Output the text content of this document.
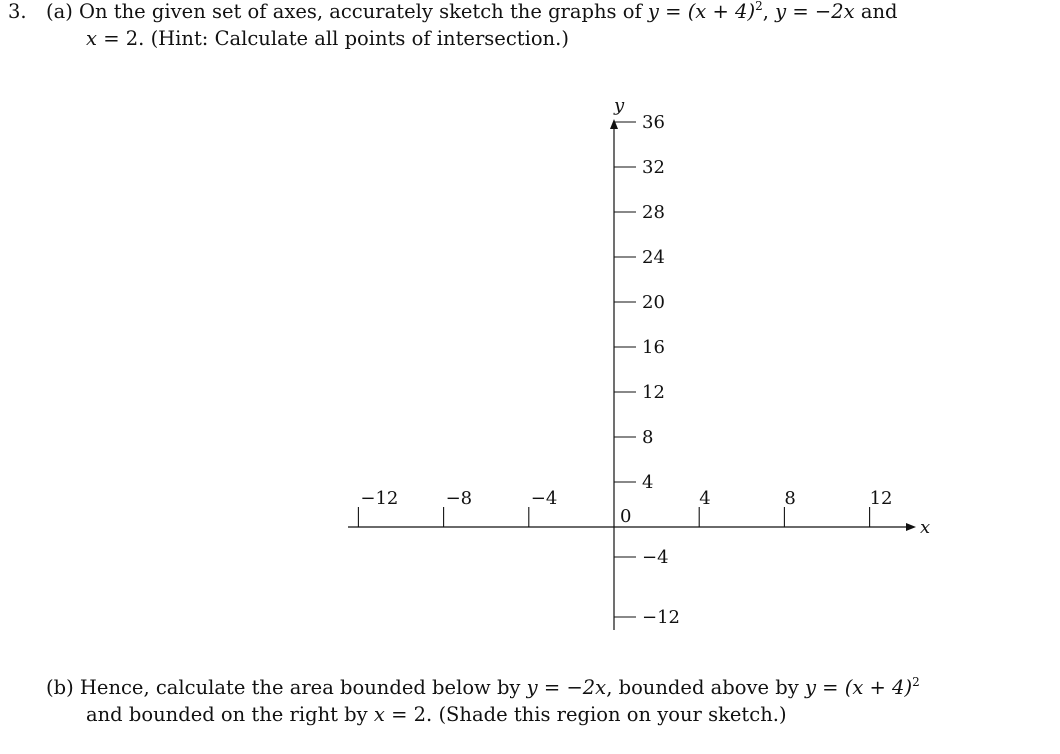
3. (a) On the given set of axes, accurately sketch the graphs of $y = (x + 4)^2$, y = −2x and
x = 2. (Hint: Calculate all points of intersection.)
x
y
0
−12	−8	−4	4	8	12
36
32
28
24
20
16
12
8
4
−4
−12
(b) Hence, calculate the area bounded below by y = −2x, bounded above by $y = (x + 4)^2$
and bounded on the right by x = 2. (Shade this region on your sketch.)
